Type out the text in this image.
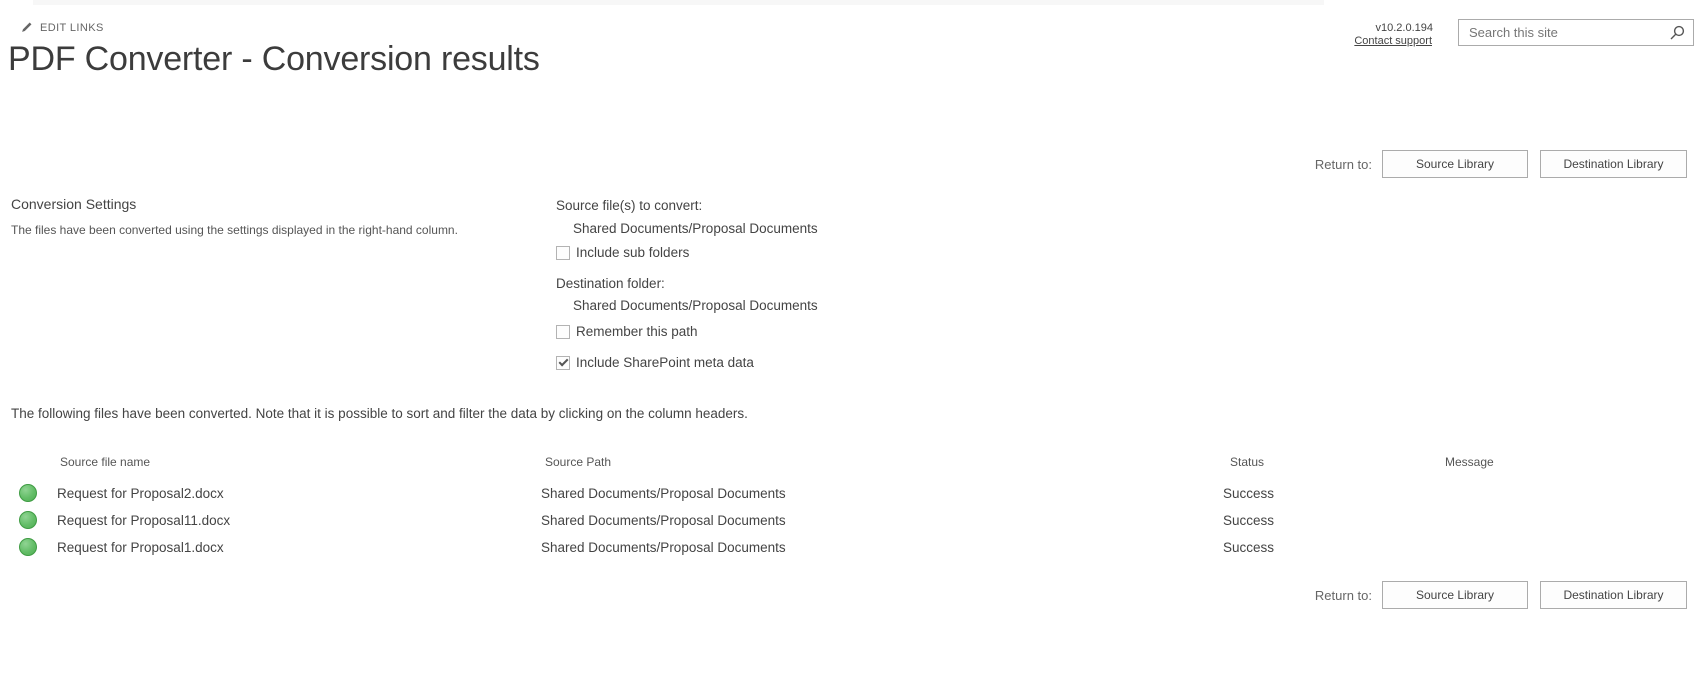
EDIT LINKS
PDF Converter - Conversion results
v10.2.0.194
Contact support
Search this site
Return to:	Source Library	Destination Library
Conversion Settings
The files have been converted using the settings displayed in the right-hand column.
Source file(s) to convert:
Shared Documents/Proposal Documents
Include sub folders
Destination folder:
Shared Documents/Proposal Documents
Remember this path
Include SharePoint meta data
The following files have been converted. Note that it is possible to sort and filter the data by clicking on the column headers.
Source file name	Source Path	Status	Message
Request for Proposal2.docx	Shared Documents/Proposal Documents	Success
Request for Proposal11.docx	Shared Documents/Proposal Documents	Success
Request for Proposal1.docx	Shared Documents/Proposal Documents	Success
Return to:	Source Library	Destination Library
